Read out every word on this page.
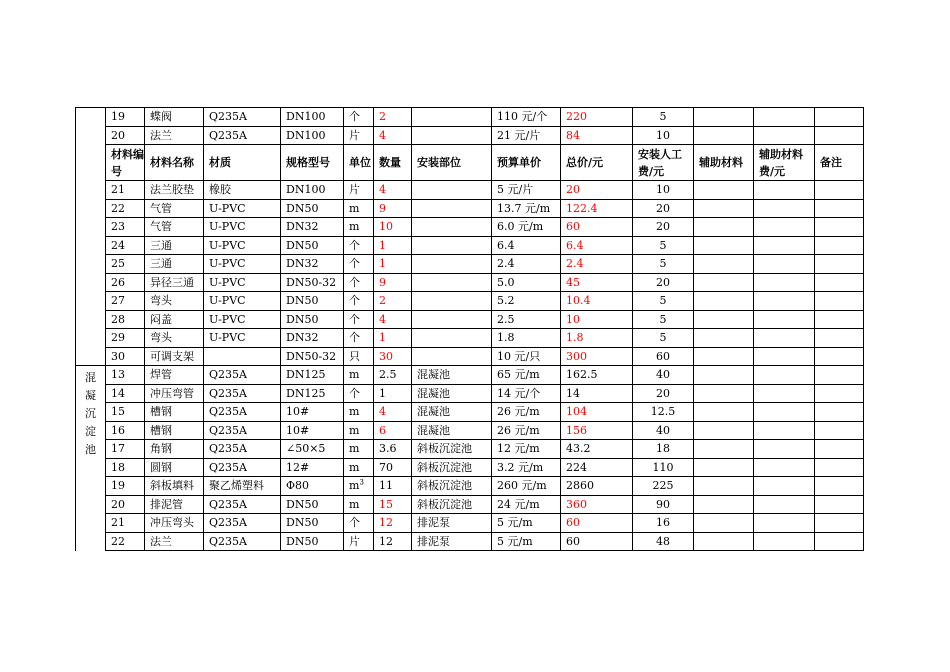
	19	蝶阀	Q235A	DN100	个	2		110 元/个	220	5			
	20	法兰	Q235A	DN100	片	4		21 元/片	84	10			
	材料编号	材料名称	材质	规格型号	单位	数量	安装部位	预算单价	总价/元	安装人工费/元	辅助材料	辅助材料费/元	备注
	21	法兰胶垫	橡胶	DN100	片	4		5 元/片	20	10			
	22	气管	U-PVC	DN50	m	9		13.7 元/m	122.4	20			
	23	气管	U-PVC	DN32	m	10		6.0 元/m	60	20			
	24	三通	U-PVC	DN50	个	1		6.4	6.4	5			
	25	三通	U-PVC	DN32	个	1		2.4	2.4	5			
	26	异径三通	U-PVC	DN50-32	个	9		5.0	45	20			
	27	弯头	U-PVC	DN50	个	2		5.2	10.4	5			
	28	闷盖	U-PVC	DN50	个	4		2.5	10	5			
	29	弯头	U-PVC	DN32	个	1		1.8	1.8	5			
	30	可调支架		DN50-32	只	30		10 元/只	300	60			
混凝沉淀池	13	焊管	Q235A	DN125	m	2.5	混凝池	65 元/m	162.5	40			
	14	冲压弯管	Q235A	DN125	个	1	混凝池	14 元/个	14	20			
	15	槽钢	Q235A	10#	m	4	混凝池	26 元/m	104	12.5			
	16	槽钢	Q235A	10#	m	6	混凝池	26 元/m	156	40			
	17	角钢	Q235A	∠50×5	m	3.6	斜板沉淀池	12 元/m	43.2	18			
	18	圆钢	Q235A	12#	m	70	斜板沉淀池	3.2 元/m	224	110			
	19	斜板填料	聚乙烯塑料	Φ80	$m^3$	11	斜板沉淀池	260 元/m	2860	225			
	20	排泥管	Q235A	DN50	m	15	斜板沉淀池	24 元/m	360	90			
	21	冲压弯头	Q235A	DN50	个	12	排泥泵	5 元/m	60	16			
	22	法兰	Q235A	DN50	片	12	排泥泵	5 元/m	60	48			
